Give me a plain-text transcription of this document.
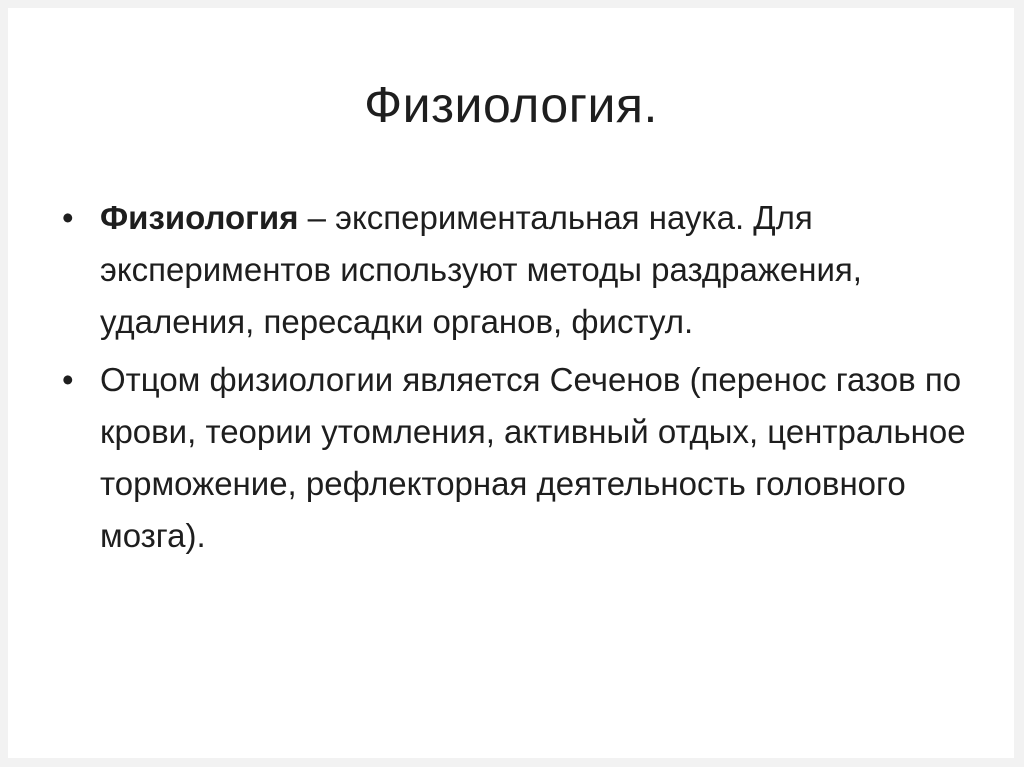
Физиология.
• Физиология – экспериментальная наука. Для экспериментов используют методы раздражения, удаления, пересадки органов, фистул.
• Отцом физиологии является Сеченов (перенос газов по крови, теории утомления, активный отдых, центральное торможение, рефлекторная деятельность головного мозга).
